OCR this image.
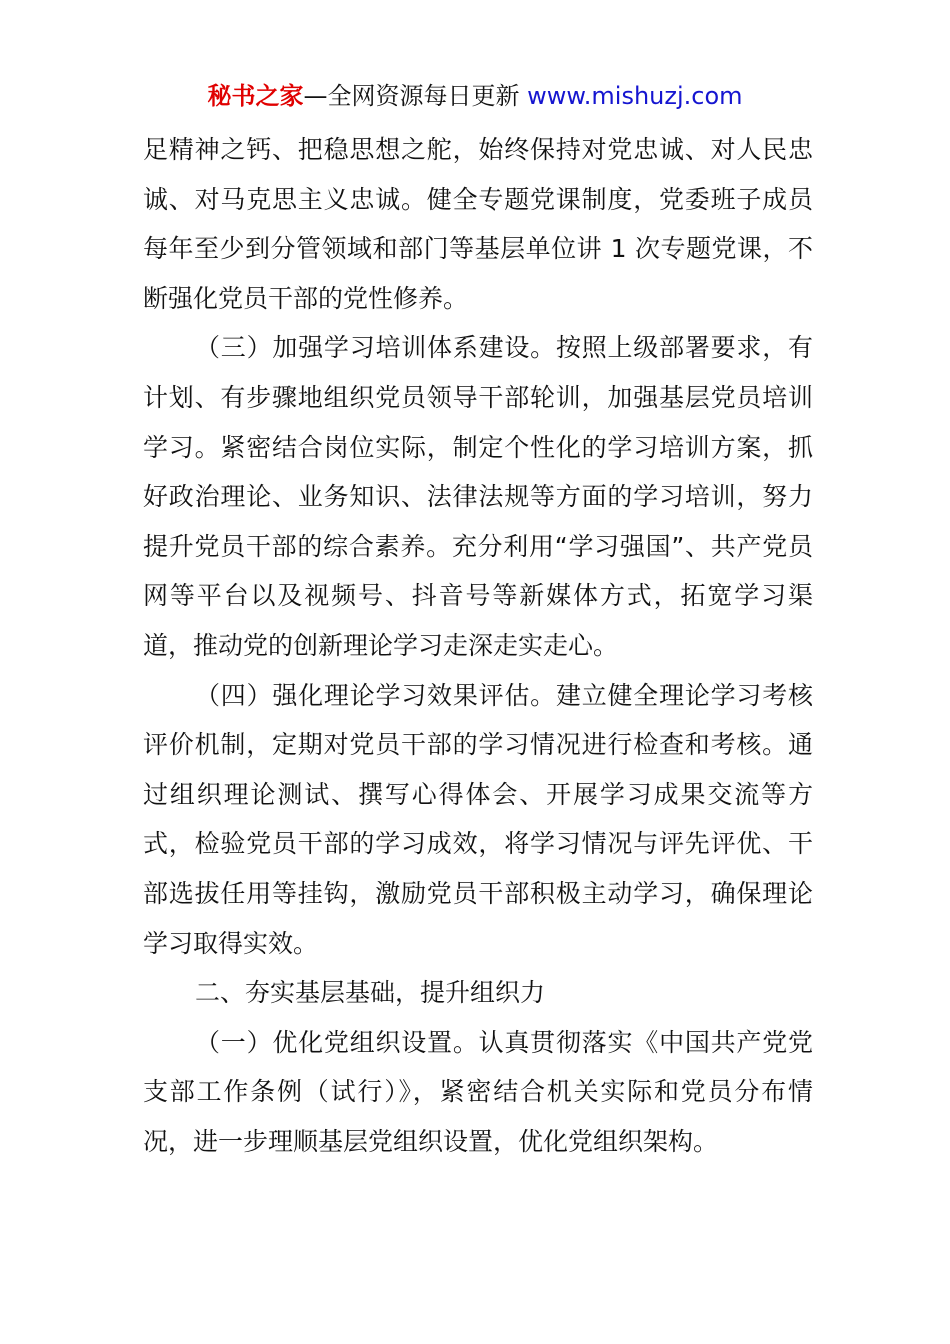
秘书之家—全网资源每日更新 www.mishuzj.com

足精神之钙、把稳思想之舵，始终保持对党忠诚、对人民忠诚、对马克思主义忠诚。健全专题党课制度，党委班子成员每年至少到分管领域和部门等基层单位讲 1 次专题党课，不断强化党员干部的党性修养。

（三）加强学习培训体系建设。按照上级部署要求，有计划、有步骤地组织党员领导干部轮训，加强基层党员培训学习。紧密结合岗位实际，制定个性化的学习培训方案，抓好政治理论、业务知识、法律法规等方面的学习培训，努力提升党员干部的综合素养。充分利用“学习强国”、共产党员网等平台以及视频号、抖音号等新媒体方式，拓宽学习渠道，推动党的创新理论学习走深走实走心。

（四）强化理论学习效果评估。建立健全理论学习考核评价机制，定期对党员干部的学习情况进行检查和考核。通过组织理论测试、撰写心得体会、开展学习成果交流等方式，检验党员干部的学习成效，将学习情况与评先评优、干部选拔任用等挂钩，激励党员干部积极主动学习，确保理论学习取得实效。

二、夯实基层基础，提升组织力

（一）优化党组织设置。认真贯彻落实《中国共产党党支部工作条例（试行）》，紧密结合机关实际和党员分布情况，进一步理顺基层党组织设置，优化党组织架构。
